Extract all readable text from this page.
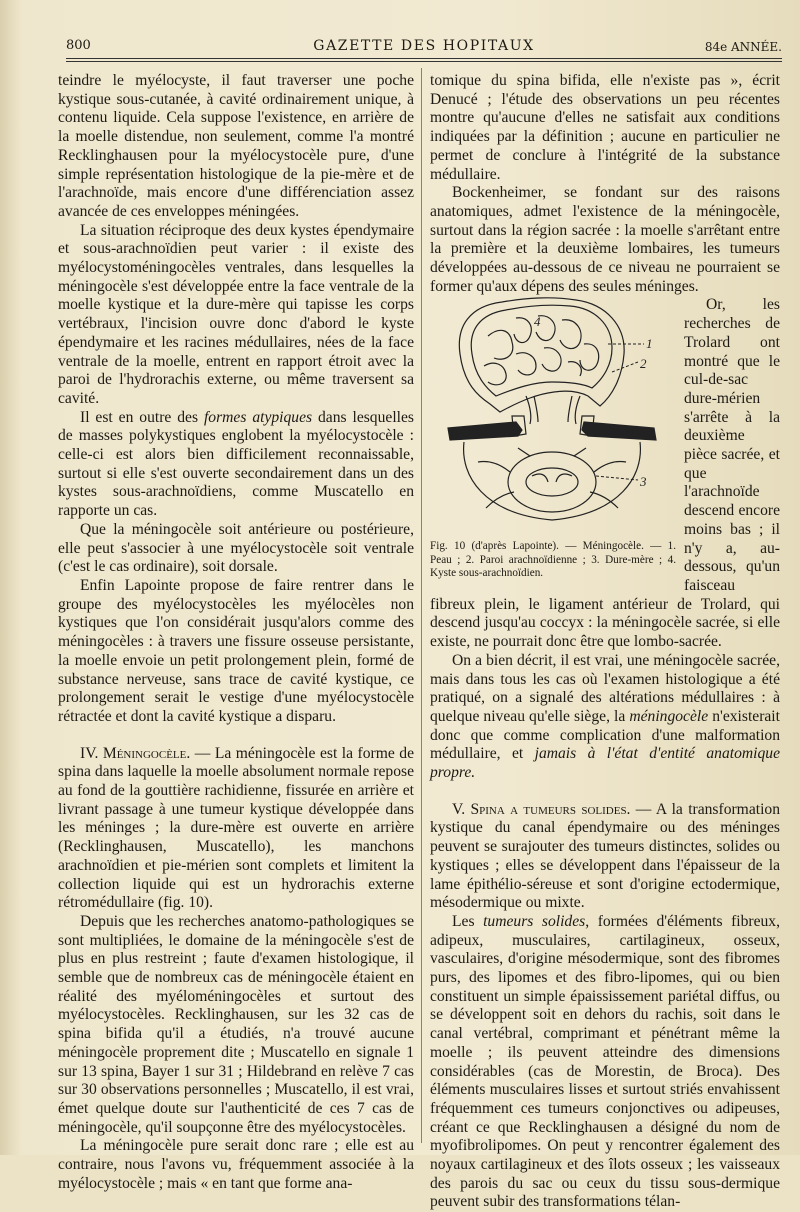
800	GAZETTE DES HOPITAUX	84e ANNÉE.

teindre le myélocyste, il faut traverser une poche kystique sous-cutanée, à cavité ordinairement unique, à contenu liquide. Cela suppose l'existence, en arrière de la moelle distendue, non seulement, comme l'a montré Recklinghausen pour la myélocystocèle pure, d'une simple représentation histologique de la pie-mère et de l'arachnoïde, mais encore d'une différenciation assez avancée de ces enveloppes méningées.

La situation réciproque des deux kystes épendymaire et sous-arachnoïdien peut varier : il existe des myélocystoméningocèles ventrales, dans lesquelles la méningocèle s'est développée entre la face ventrale de la moelle kystique et la dure-mère qui tapisse les corps vertébraux, l'incision ouvre donc d'abord le kyste épendymaire et les racines médullaires, nées de la face ventrale de la moelle, entrent en rapport étroit avec la paroi de l'hydrorachis externe, ou même traversent sa cavité.

Il est en outre des formes atypiques dans lesquelles de masses polykystiques englobent la myélocystocèle : celle-ci est alors bien difficilement reconnaissable, surtout si elle s'est ouverte secondairement dans un des kystes sous-arachnoïdiens, comme Muscatello en rapporte un cas.

Que la méningocèle soit antérieure ou postérieure, elle peut s'associer à une myélocystocèle soit ventrale (c'est le cas ordinaire), soit dorsale.

Enfin Lapointe propose de faire rentrer dans le groupe des myélocystocèles les myélocèles non kystiques que l'on considérait jusqu'alors comme des méningocèles : à travers une fissure osseuse persistante, la moelle envoie un petit prolongement plein, formé de substance nerveuse, sans trace de cavité kystique, ce prolongement serait le vestige d'une myélocystocèle rétractée et dont la cavité kystique a disparu.

IV. Méningocèle. — La méningocèle est la forme de spina dans laquelle la moelle absolument normale repose au fond de la gouttière rachidienne, fissurée en arrière et livrant passage à une tumeur kystique développée dans les méninges ; la dure-mère est ouverte en arrière (Recklinghausen, Muscatello), les manchons arachnoïdien et pie-mérien sont complets et limitent la collection liquide qui est un hydrorachis externe rétromédullaire (fig. 10).

Depuis que les recherches anatomo-pathologiques se sont multipliées, le domaine de la méningocèle s'est de plus en plus restreint ; faute d'examen histologique, il semble que de nombreux cas de méningocèle étaient en réalité des myéloméningocèles et surtout des myélocystocèles. Recklinghausen, sur les 32 cas de spina bifida qu'il a étudiés, n'a trouvé aucune méningocèle proprement dite ; Muscatello en signale 1 sur 13 spina, Bayer 1 sur 31 ; Hildebrand en relève 7 cas sur 30 observations personnelles ; Muscatello, il est vrai, émet quelque doute sur l'authenticité de ces 7 cas de méningocèle, qu'il soupçonne être des myélocystocèles.

La méningocèle pure serait donc rare ; elle est au contraire, nous l'avons vu, fréquemment associée à la myélocystocèle ; mais « en tant que forme ana-

tomique du spina bifida, elle n'existe pas », écrit Denucé ; l'étude des observations un peu récentes montre qu'aucune d'elles ne satisfait aux conditions indiquées par la définition ; aucune en particulier ne permet de conclure à l'intégrité de la substance médullaire.

Bockenheimer, se fondant sur des raisons anatomiques, admet l'existence de la méningocèle, surtout dans la région sacrée : la moelle s'arrêtant entre la première et la deuxième lombaires, les tumeurs développées au-dessous de ce niveau ne pourraient se former qu'aux dépens des seules méninges.

1
2
3
4
Fig. 10 (d'après Lapointe). — Méningocèle. — 1. Peau ; 2. Paroi arachnoïdienne ; 3. Dure-mère ; 4. Kyste sous-arachnoïdien.

Or, les recherches de Trolard ont montré que le cul-de-sac dure-mérien s'arrête à la deuxième pièce sacrée, et que l'arachnoïde descend encore moins bas ; il n'y a, au-dessous, qu'un faisceau fibreux plein, le ligament antérieur de Trolard, qui descend jusqu'au coccyx : la méningocèle sacrée, si elle existe, ne pourrait donc être que lombo-sacrée.

On a bien décrit, il est vrai, une méningocèle sacrée, mais dans tous les cas où l'examen histologique a été pratiqué, on a signalé des altérations médullaires : à quelque niveau qu'elle siège, la méningocèle n'existerait donc que comme complication d'une malformation médullaire, et jamais à l'état d'entité anatomique propre.

V. Spina a tumeurs solides. — A la transformation kystique du canal épendymaire ou des méninges peuvent se surajouter des tumeurs distinctes, solides ou kystiques ; elles se développent dans l'épaisseur de la lame épithélio-séreuse et sont d'origine ectodermique, mésodermique ou mixte.

Les tumeurs solides, formées d'éléments fibreux, adipeux, musculaires, cartilagineux, osseux, vasculaires, d'origine mésodermique, sont des fibromes purs, des lipomes et des fibro-lipomes, qui ou bien constituent un simple épaississement pariétal diffus, ou se développent soit en dehors du rachis, soit dans le canal vertébral, comprimant et pénétrant même la moelle ; ils peuvent atteindre des dimensions considérables (cas de Morestin, de Broca). Des éléments musculaires lisses et surtout striés envahissent fréquemment ces tumeurs conjonctives ou adipeuses, créant ce que Recklinghausen a désigné du nom de myofibrolipomes. On peut y rencontrer également des noyaux cartilagineux et des îlots osseux ; les vaisseaux des parois du sac ou ceux du tissu sous-dermique peuvent subir des transformations télan-
